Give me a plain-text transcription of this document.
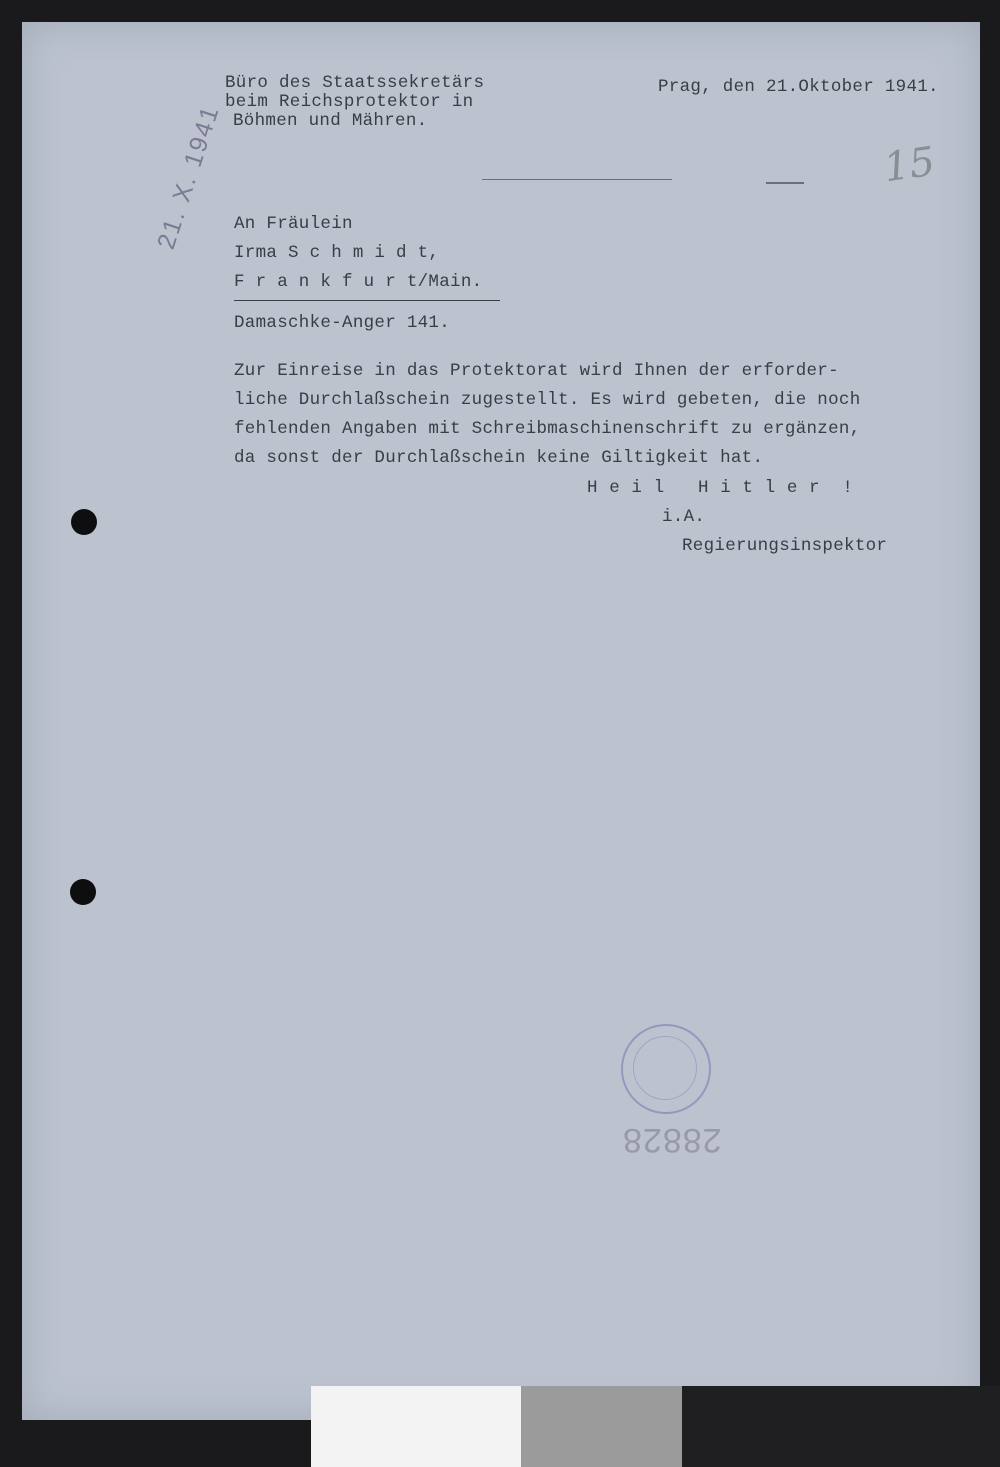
Büro des Staatssekretärs
beim Reichsprotektor in
Böhmen und Mähren.
Prag, den 21.Oktober 1941.
15
21. X. 1941 An Fräulein
Irma S c h m i d t,
F r a n k f u r t/Main.
Damaschke-Anger 141.
Zur Einreise in das Protektorat wird Ihnen der erforder-
liche Durchlaßschein zugestellt. Es wird gebeten, die noch
fehlenden Angaben mit Schreibmaschinenschrift zu ergänzen,
da sonst der Durchlaßschein keine Giltigkeit hat.
H e i l   H i t l e r  !
i.A.
Regierungsinspektor
28828
